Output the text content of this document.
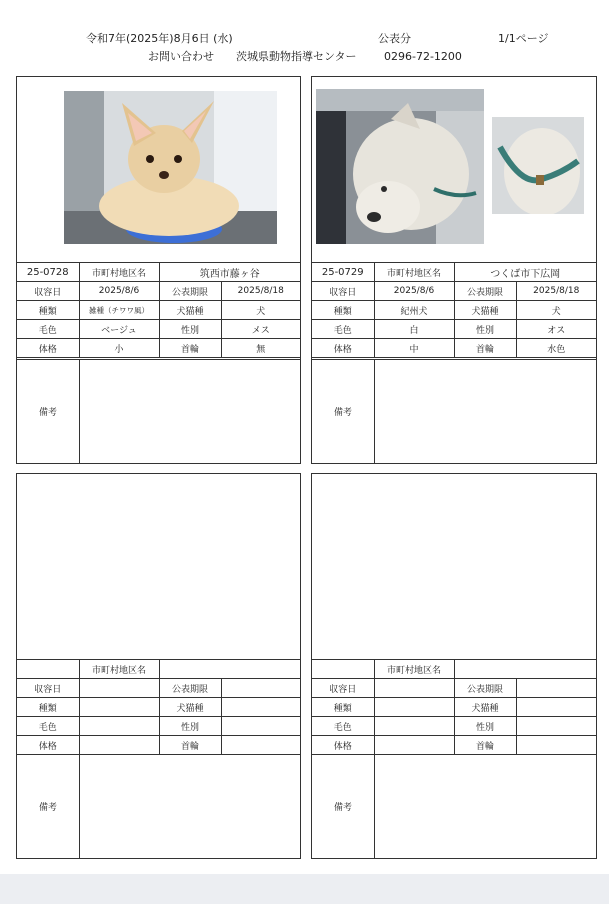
令和7年(2025年)8月6日 (水)	公表分	1/1ページ
お問い合わせ 茨城県動物指導センター 0296-72-1200
25-0728	市町村地区名	筑西市藤ヶ谷	
収容日	2025/8/6	公表期限	2025/8/18
種類	雑種（チワワ風）	犬猫種	犬
毛色	ベージュ	性別	メス
体格	小	首輪	無
備考
25-0729	市町村地区名	つくば市下広岡	
収容日	2025/8/6	公表期限	2025/8/18
種類	紀州犬	犬猫種	犬
毛色	白	性別	オス
体格	中	首輪	水色
備考
	市町村地区名		
収容日		公表期限	
種類		犬猫種	
毛色		性別	
体格		首輪	
備考
	市町村地区名		
収容日		公表期限	
種類		犬猫種	
毛色		性別	
体格		首輪	
備考
